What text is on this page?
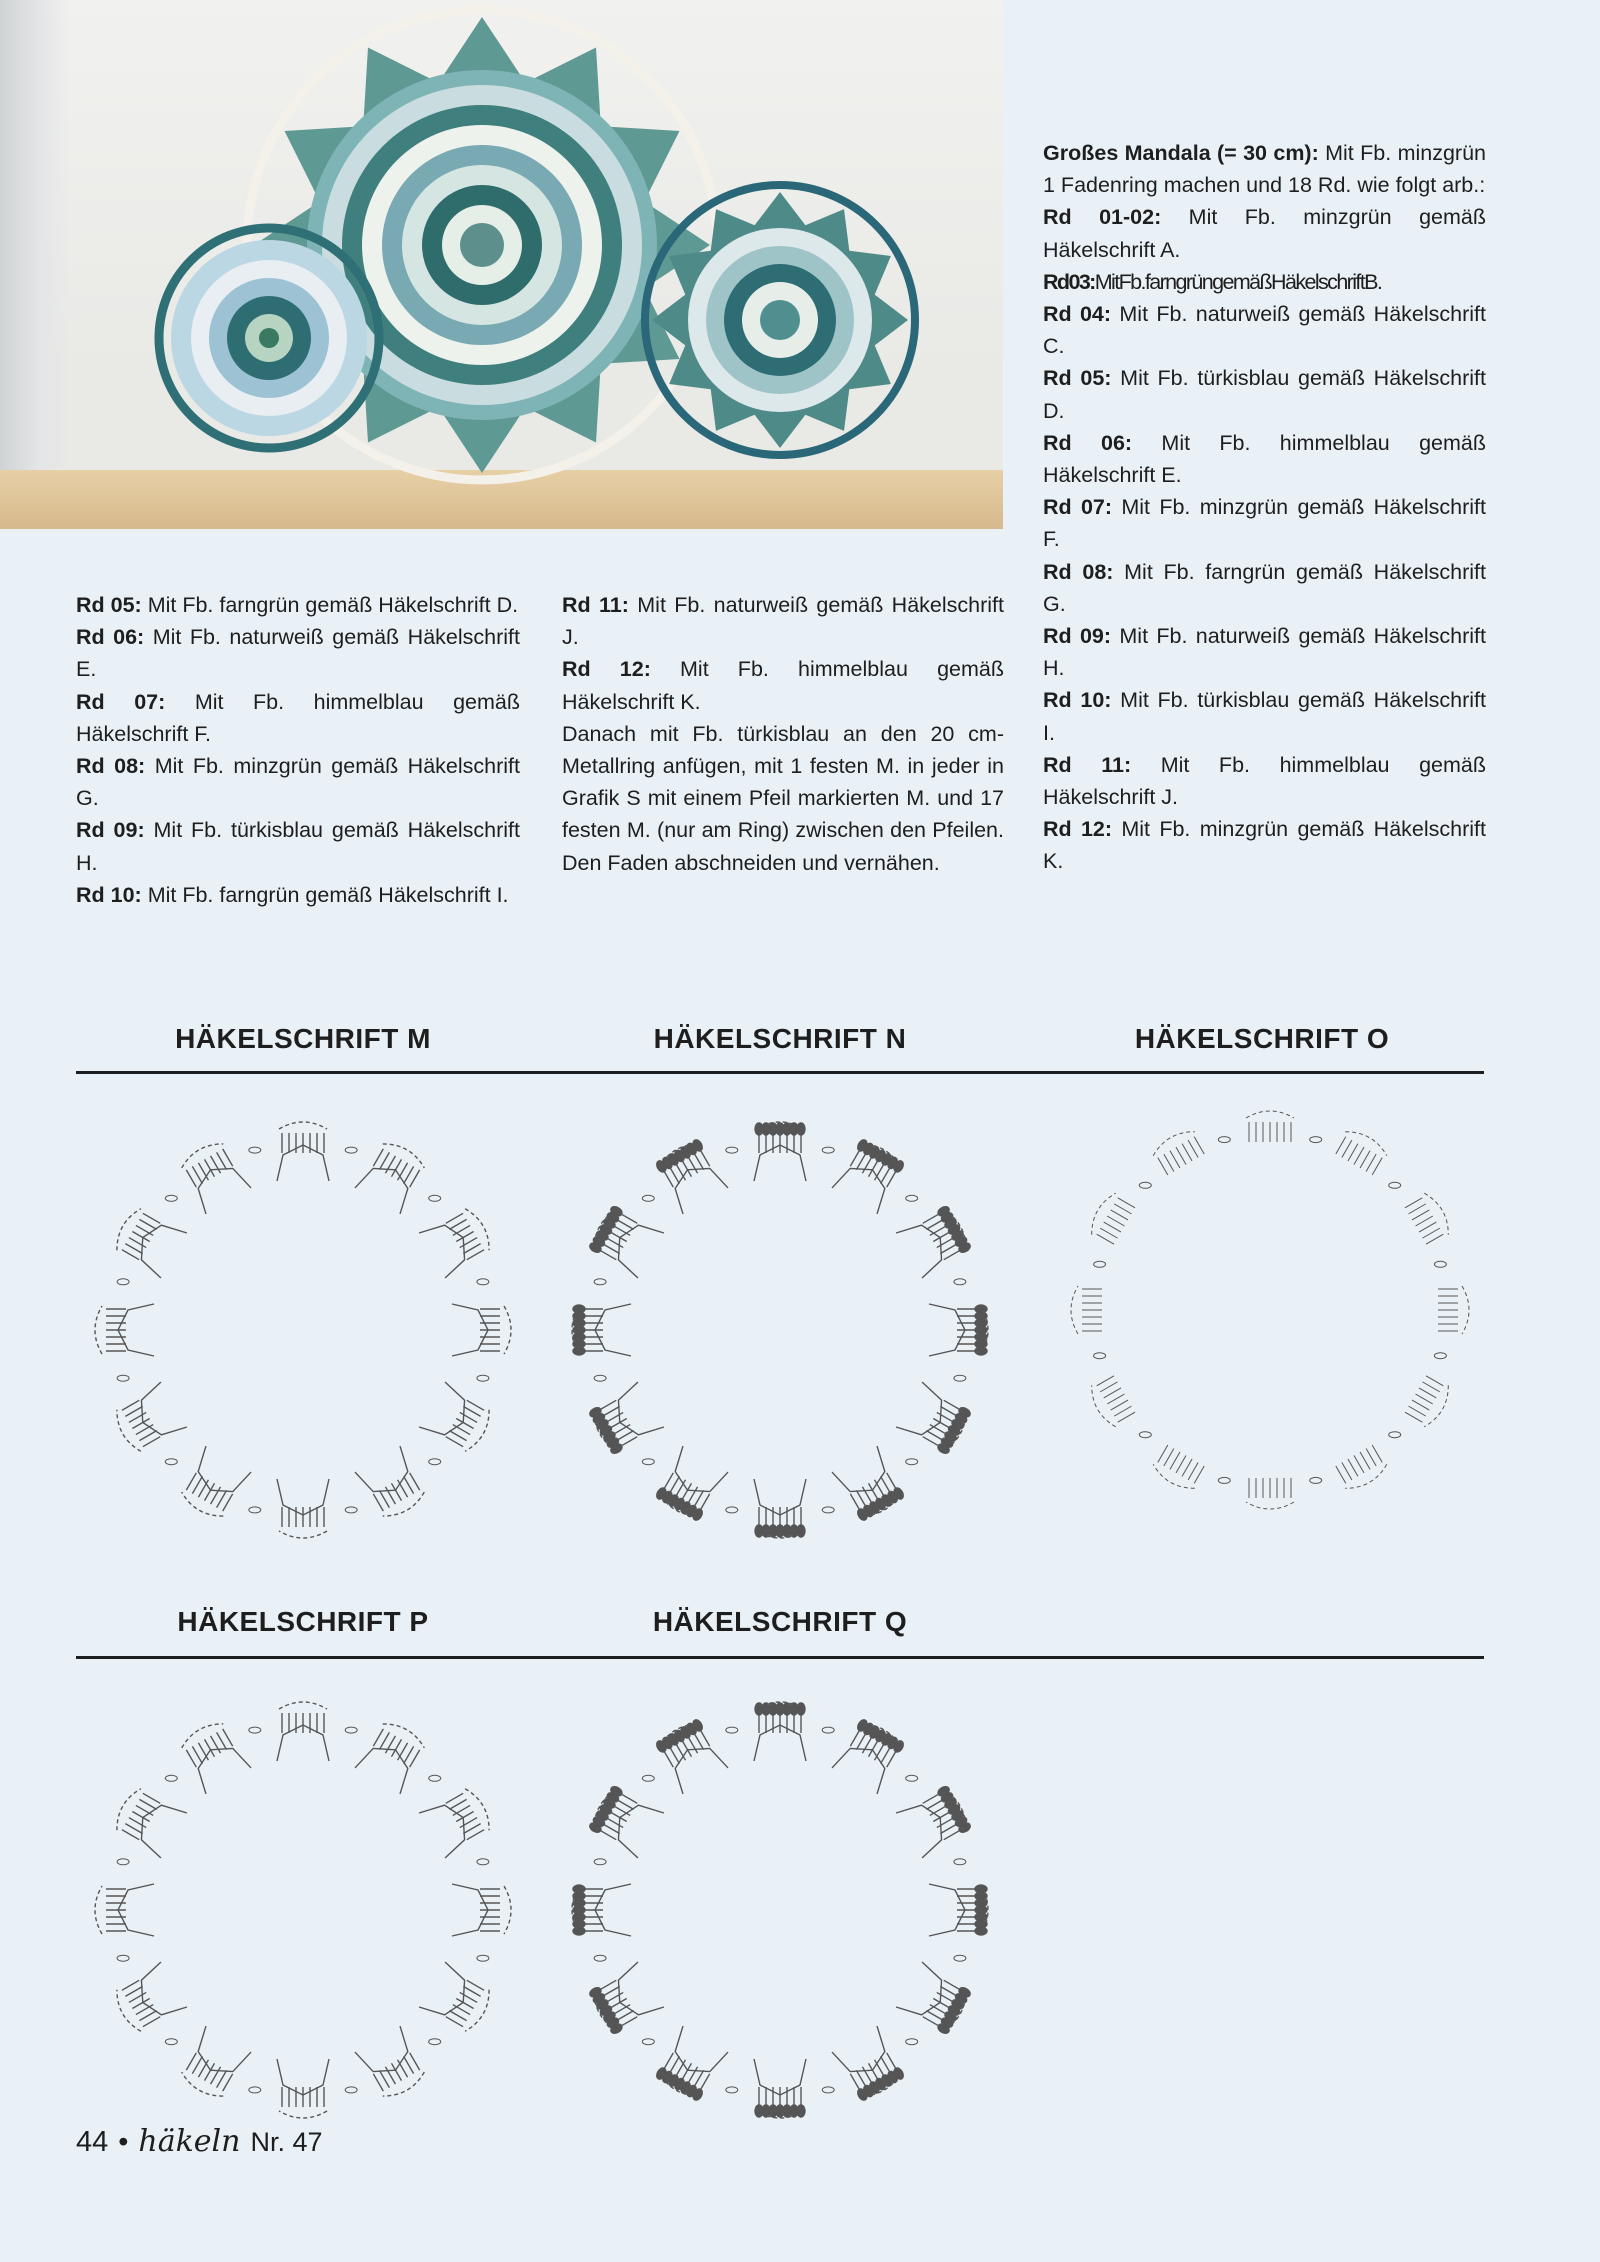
Großes Mandala (= 30 cm): Mit Fb. minzgrün 1 Fadenring machen und 18 Rd. wie folgt arb.:

Rd 01-02: Mit Fb. minzgrün gemäß Häkelschrift A.

Rd03:MitFb.farngrüngemäßHäkelschriftB.

Rd 04: Mit Fb. naturweiß gemäß Häkelschrift C.

Rd 05: Mit Fb. türkisblau gemäß Häkelschrift D.

Rd 06: Mit Fb. himmelblau gemäß Häkelschrift E.

Rd 07: Mit Fb. minzgrün gemäß Häkelschrift F.

Rd 08: Mit Fb. farngrün gemäß Häkelschrift G.

Rd 09: Mit Fb. naturweiß gemäß Häkelschrift H.

Rd 10: Mit Fb. türkisblau gemäß Häkelschrift I.

Rd 11: Mit Fb. himmelblau gemäß Häkelschrift J.

Rd 12: Mit Fb. minzgrün gemäß Häkelschrift K.

Rd 05: Mit Fb. farngrün gemäß Häkelschrift D.

Rd 06: Mit Fb. naturweiß gemäß Häkelschrift E.

Rd 07: Mit Fb. himmelblau gemäß Häkelschrift F.

Rd 08: Mit Fb. minzgrün gemäß Häkelschrift G.

Rd 09: Mit Fb. türkisblau gemäß Häkelschrift H.

Rd 10: Mit Fb. farngrün gemäß Häkelschrift I.

Rd 11: Mit Fb. naturweiß gemäß Häkelschrift J.

Rd 12: Mit Fb. himmelblau gemäß Häkelschrift K.

Danach mit Fb. türkisblau an den 20 cm-Metallring anfügen, mit 1 festen M. in jeder in Grafik S mit einem Pfeil markierten M. und 17 festen M. (nur am Ring) zwischen den Pfeilen. Den Faden abschneiden und vernähen.

HÄKELSCHRIFT M	HÄKELSCHRIFT N	HÄKELSCHRIFT O
HÄKELSCHRIFT P	HÄKELSCHRIFT Q
44 • häkeln Nr. 47
